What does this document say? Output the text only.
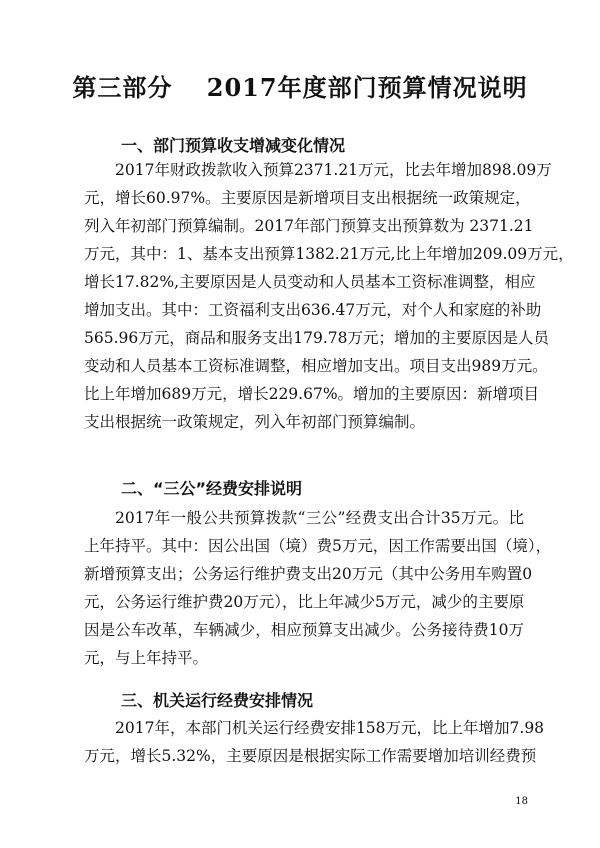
第三部分　 2017年度部门预算情况说明
一、部门预算收支增减变化情况
2017年财政拨款收入预算2371.21万元，比去年增加898.09万
元，增长60.97%。主要原因是新增项目支出根据统一政策规定，
列入年初部门预算编制。2017年部门预算支出预算数为 2371.21
万元，其中：1、基本支出预算1382.21万元,比上年增加209.09万元，
增长17.82%,主要原因是人员变动和人员基本工资标准调整，相应
增加支出。其中：工资福利支出636.47万元，对个人和家庭的补助
565.96万元，商品和服务支出179.78万元；增加的主要原因是人员
变动和人员基本工资标准调整，相应增加支出。项目支出989万元。
比上年增加689万元，增长229.67%。增加的主要原因：新增项目
支出根据统一政策规定，列入年初部门预算编制。
二、“三公”经费安排说明
2017年一般公共预算拨款“三公”经费支出合计35万元。比
上年持平。其中：因公出国（境）费5万元，因工作需要出国（境），
新增预算支出；公务运行维护费支出20万元（其中公务用车购置0
元，公务运行维护费20万元），比上年减少5万元，减少的主要原
因是公车改革，车辆减少，相应预算支出减少。公务接待费10万
元，与上年持平。
三、机关运行经费安排情况
2017年，本部门机关运行经费安排158万元，比上年增加7.98
万元，增长5.32%，主要原因是根据实际工作需要增加培训经费预
18
